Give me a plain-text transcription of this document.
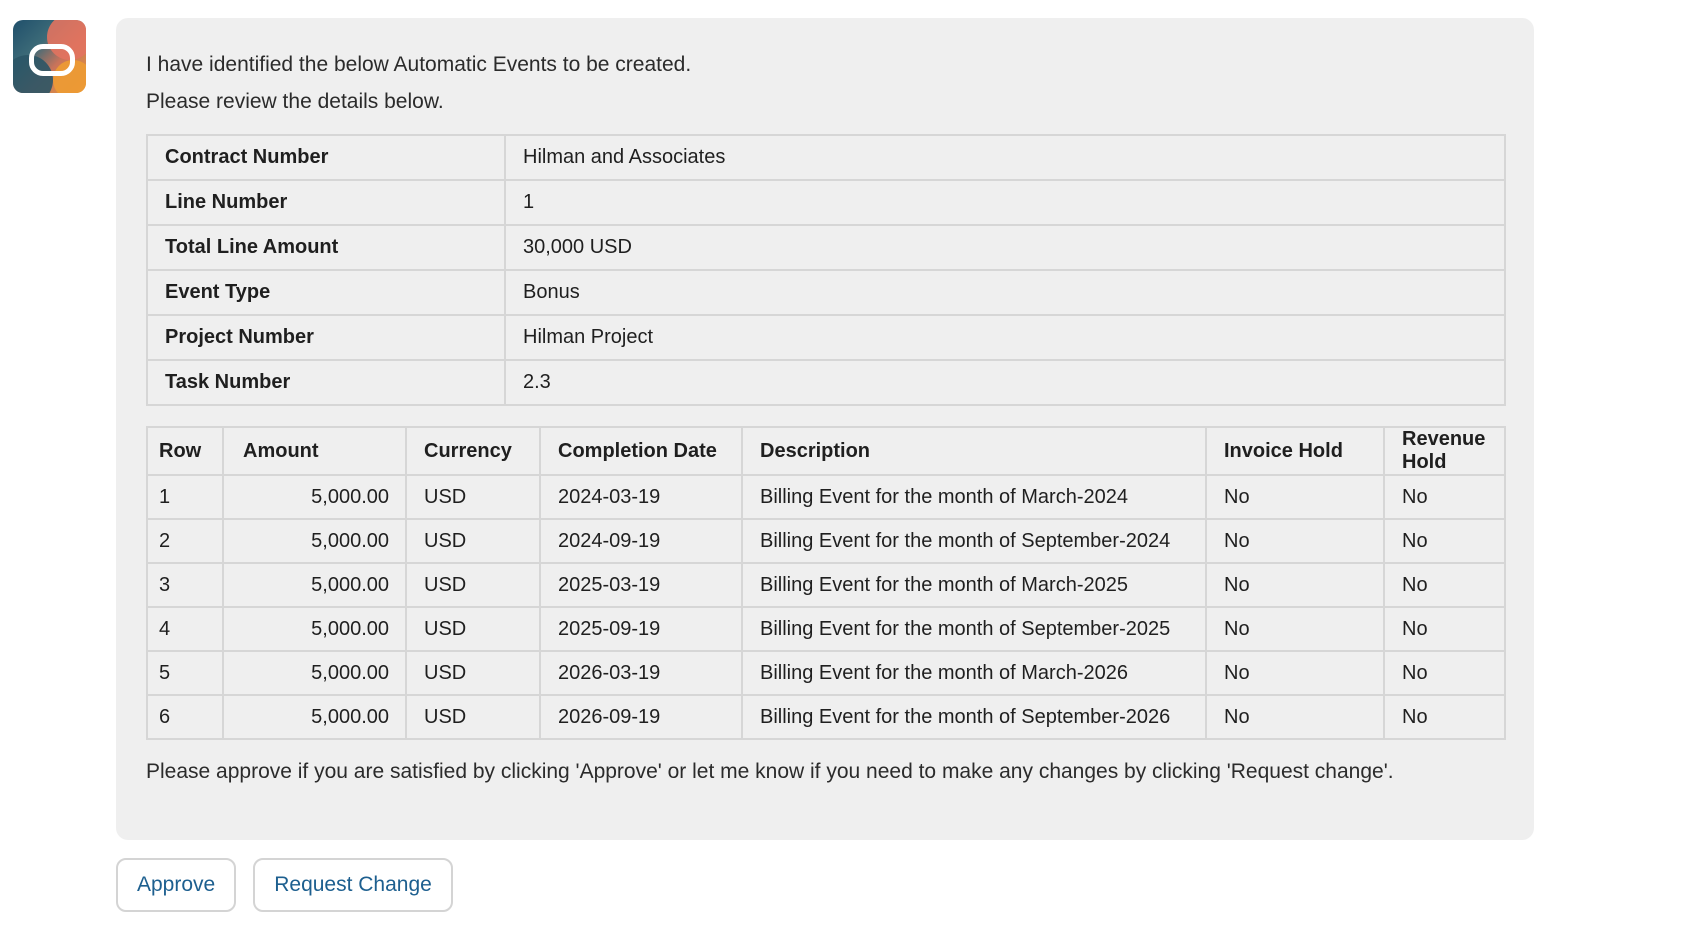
I have identified the below Automatic Events to be created.
Please review the details below.
Contract Number	Hilman and Associates
Line Number	1
Total Line Amount	30,000 USD
Event Type	Bonus
Project Number	Hilman Project
Task Number	2.3
Row	Amount	Currency	Completion Date	Description	Invoice Hold	Revenue Hold
1	5,000.00	USD	2024-03-19	Billing Event for the month of March-2024	No	No
2	5,000.00	USD	2024-09-19	Billing Event for the month of September-2024	No	No
3	5,000.00	USD	2025-03-19	Billing Event for the month of March-2025	No	No
4	5,000.00	USD	2025-09-19	Billing Event for the month of September-2025	No	No
5	5,000.00	USD	2026-03-19	Billing Event for the month of March-2026	No	No
6	5,000.00	USD	2026-09-19	Billing Event for the month of September-2026	No	No
Please approve if you are satisfied by clicking 'Approve' or let me know if you need to make any changes by clicking 'Request change'.
Approve	Request Change
